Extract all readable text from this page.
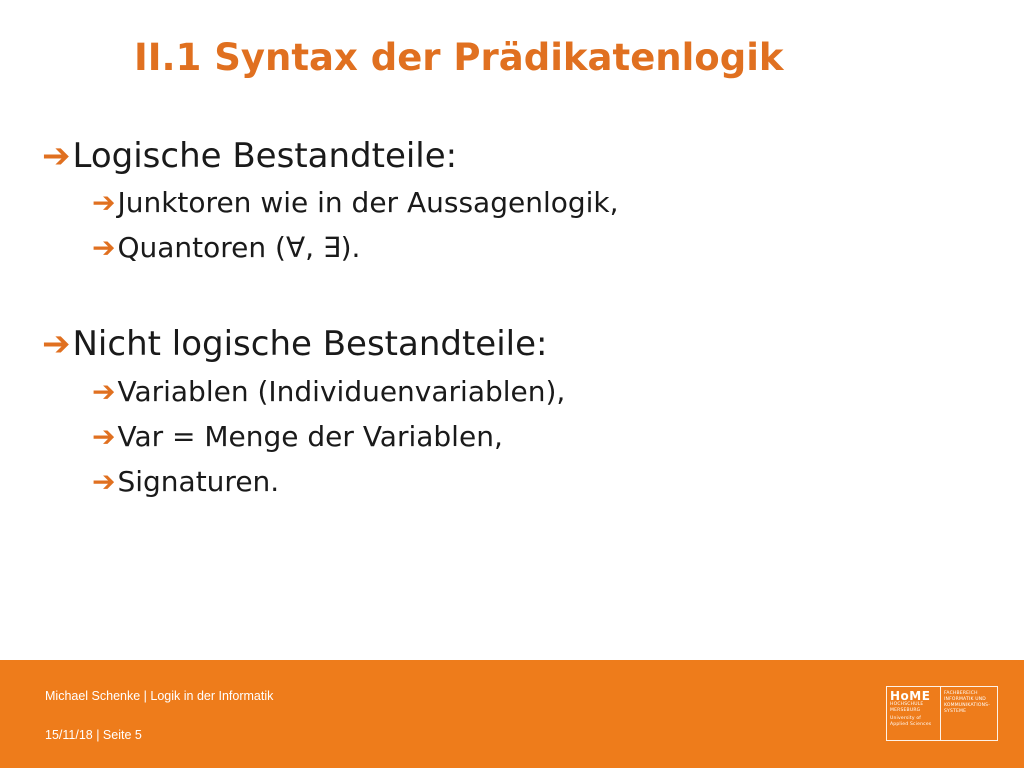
II.1 Syntax der Prädikatenlogik
➔ Logische Bestandteile:
➔ Junktoren wie in der Aussagenlogik,
➔ Quantoren (∀, ∃).
➔ Nicht logische Bestandteile:
➔ Variablen (Individuenvariablen),
➔ Var = Menge der Variablen,
➔ Signaturen.
Michael Schenke | Logik in der Informatik
15/11/18 | Seite 5
HoME
HOCHSCHULE
MERSEBURG
University of
Applied Sciences
FACHBEREICH
INFORMATIK UND
KOMMUNIKATIONS-
SYSTEME
